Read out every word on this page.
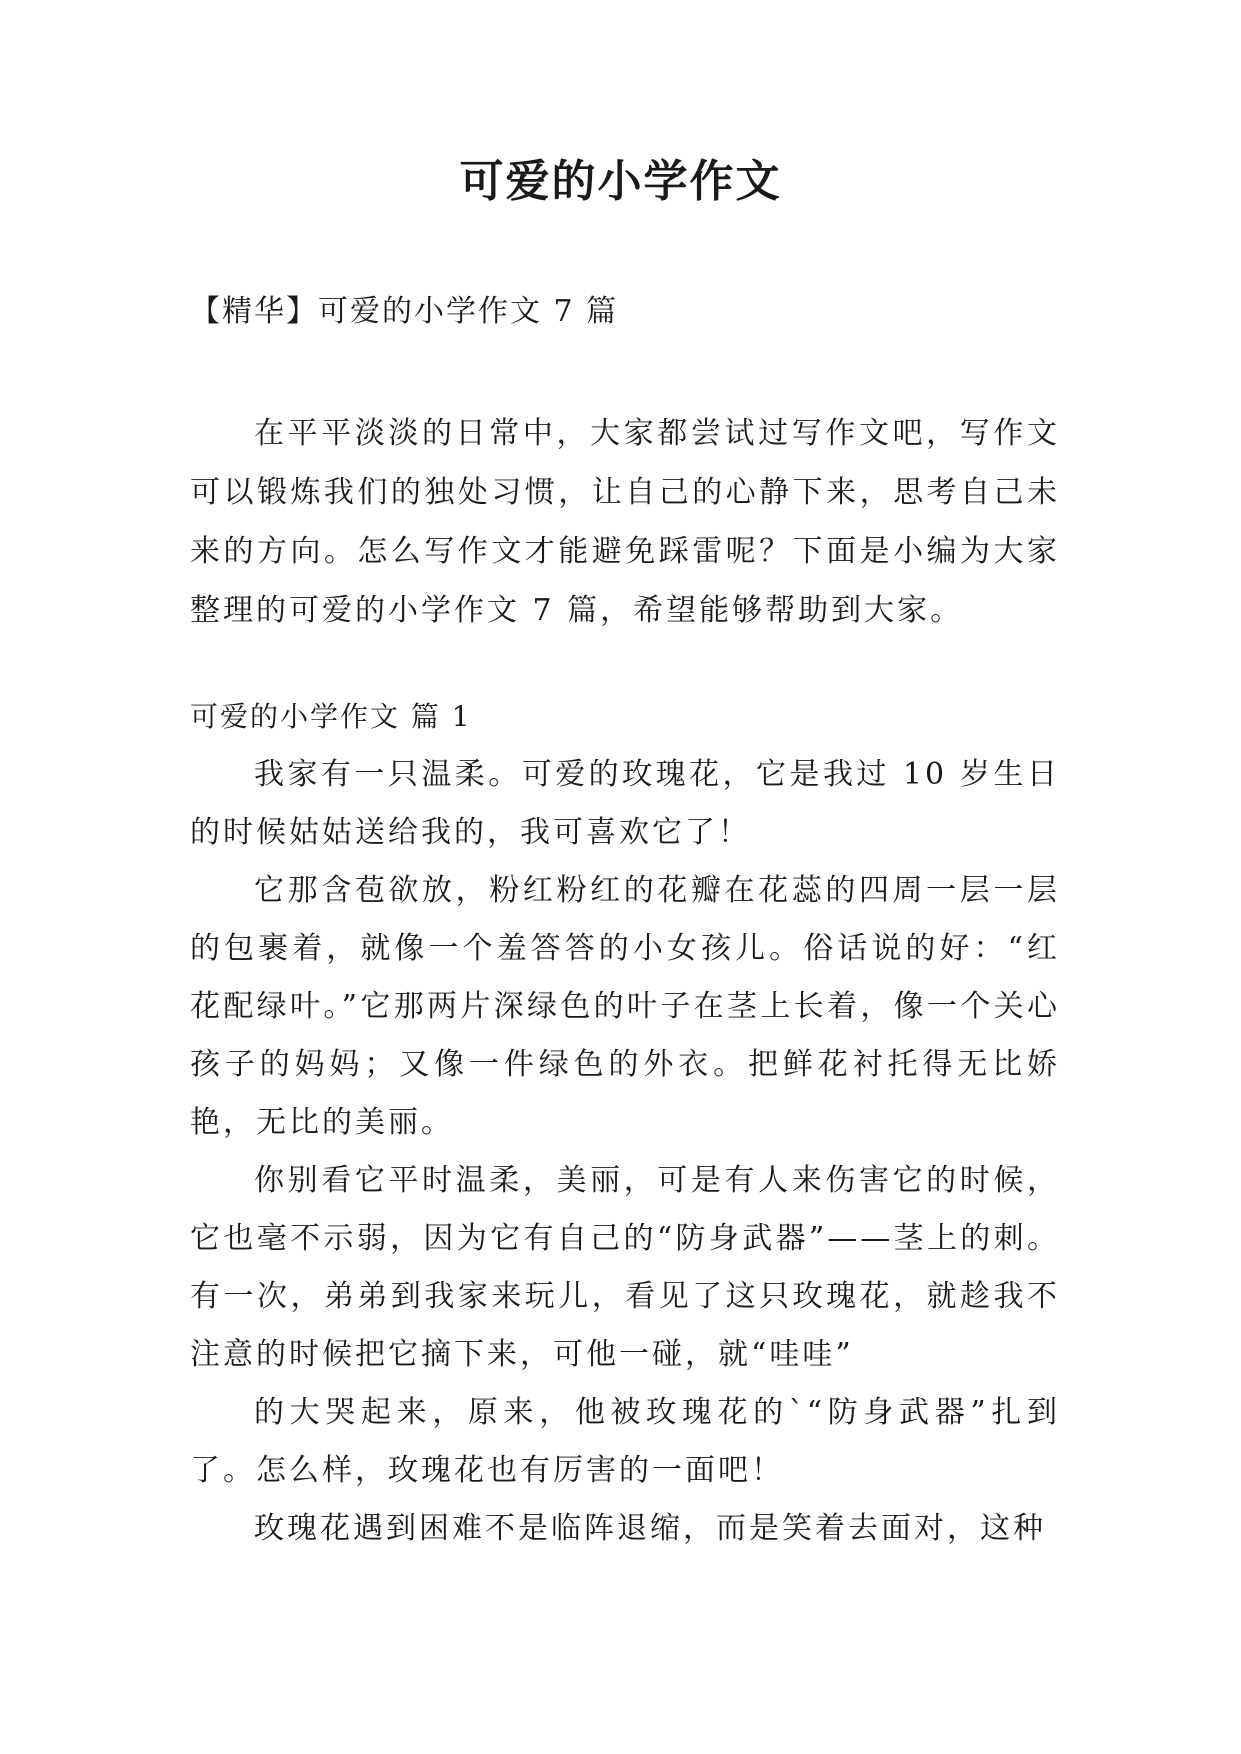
可爱的小学作文

【精华】可爱的小学作文 7 篇

在平平淡淡的日常中，大家都尝试过写作文吧，写作文可以锻炼我们的独处习惯，让自己的心静下来，思考自己未来的方向。怎么写作文才能避免踩雷呢？下面是小编为大家整理的可爱的小学作文 7 篇，希望能够帮助到大家。

可爱的小学作文 篇 1

我家有一只温柔。可爱的玫瑰花，它是我过 10 岁生日的时候姑姑送给我的，我可喜欢它了！

它那含苞欲放，粉红粉红的花瓣在花蕊的四周一层一层的包裹着，就像一个羞答答的小女孩儿。俗话说的好：“红花配绿叶。”它那两片深绿色的叶子在茎上长着，像一个关心孩子的妈妈；又像一件绿色的外衣。把鲜花衬托得无比娇艳，无比的美丽。

你别看它平时温柔，美丽，可是有人来伤害它的时候，它也毫不示弱，因为它有自己的“防身武器”——茎上的刺。有一次，弟弟到我家来玩儿，看见了这只玫瑰花，就趁我不注意的时候把它摘下来，可他一碰，就“哇哇”

的大哭起来，原来，他被玫瑰花的`“防身武器”扎到了。怎么样，玫瑰花也有厉害的一面吧！

玫瑰花遇到困难不是临阵退缩，而是笑着去面对，这种
